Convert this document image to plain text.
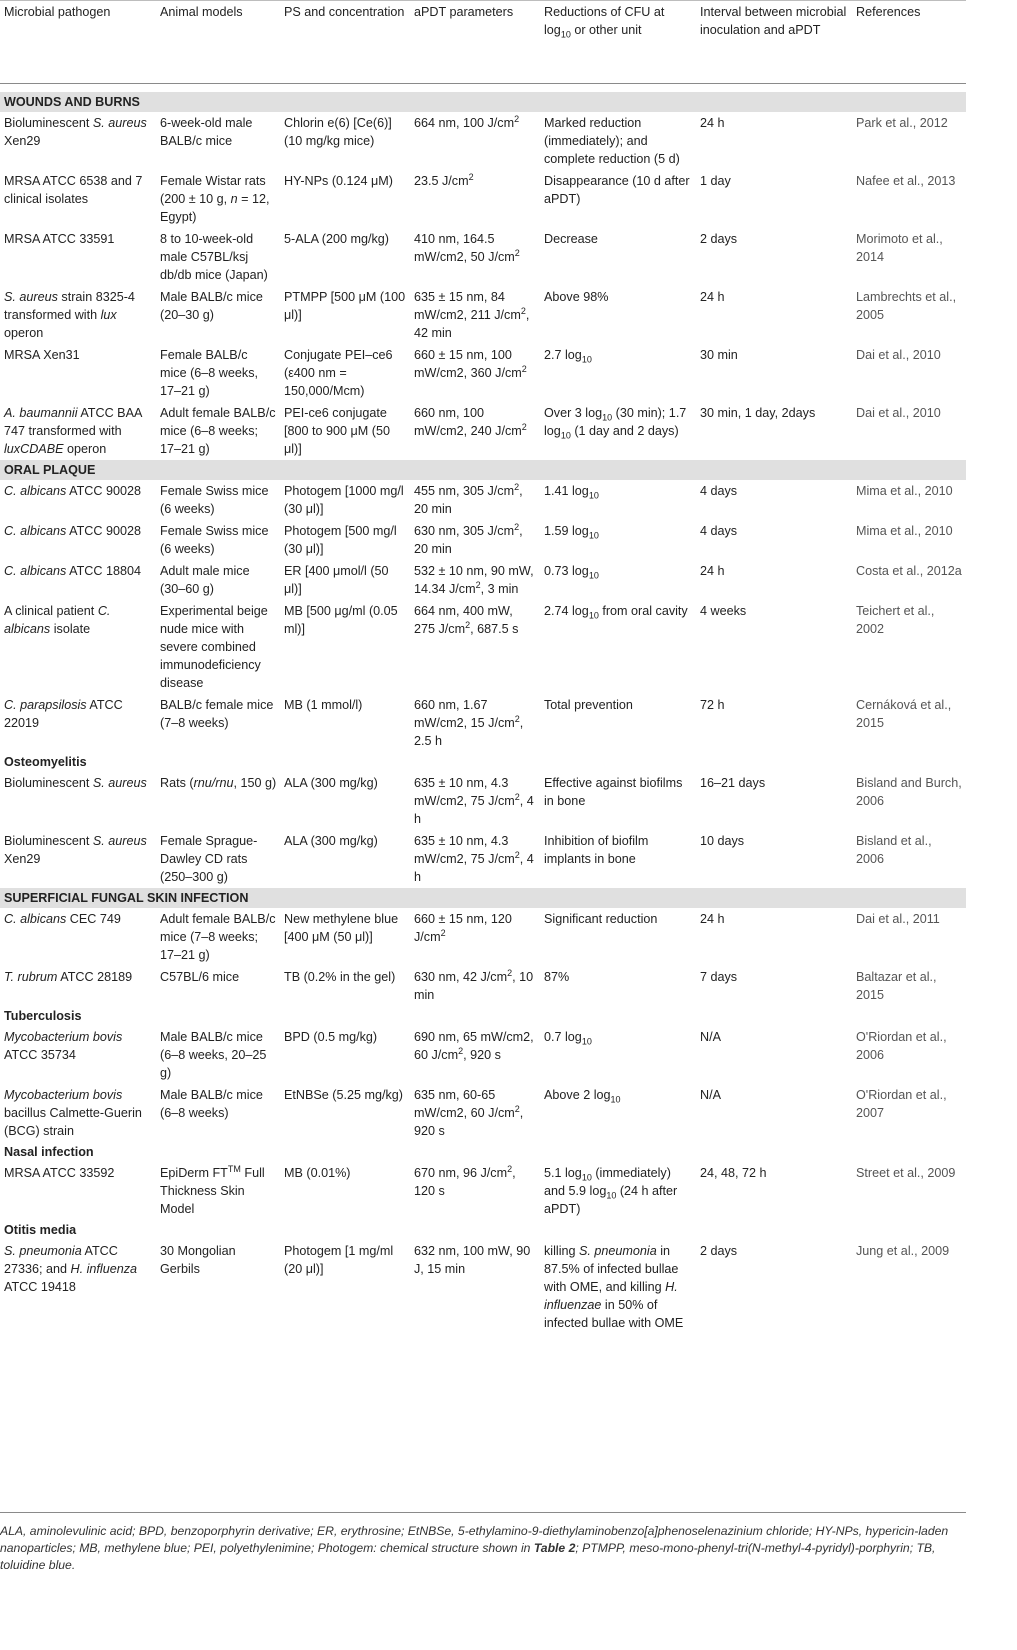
Microbial pathogen	Animal models	PS and concentration	aPDT parameters	Reductions of CFU at $\log_{10}$ or other unit	Interval between microbial inoculation and aPDT	References

WOUNDS AND BURNS						
Bioluminescent S. aureus Xen29	6-week-old male BALB/c mice	Chlorin e(6) [Ce(6)] (10 mg/kg mice)	664 nm, 100 $J/cm^2$	Marked reduction (immediately); and complete reduction (5 d)	24 h	Park et al., 2012
MRSA ATCC 6538 and 7 clinical isolates	Female Wistar rats (200 ± 10 g, n = 12, Egypt)	HY-NPs (0.124 μM)	23.5 $J/cm^2$	Disappearance (10 d after aPDT)	1 day	Nafee et al., 2013
MRSA ATCC 33591	8 to 10-week-old male C57BL/ksj db/db mice (Japan)	5-ALA (200 mg/kg)	410 nm, 164.5 mW/cm2, 50 $J/cm^2$	Decrease	2 days	Morimoto et al., 2014
S. aureus strain 8325-4 transformed with lux operon	Male BALB/c mice (20–30 g)	PTMPP [500 μM (100 μl)]	635 ± 15 nm, 84 mW/cm2, 211 $J/cm^2$, 42 min	Above 98%	24 h	Lambrechts et al., 2005
MRSA Xen31	Female BALB/c mice (6–8 weeks, 17–21 g)	Conjugate PEI–ce6 (ε400 nm = 150,000/Mcm)	660 ± 15 nm, 100 mW/cm2, 360 $J/cm^2$	2.7 $\log_{10}$	30 min	Dai et al., 2010
A. baumannii ATCC BAA 747 transformed with luxCDABE operon	Adult female BALB/c mice (6–8 weeks; 17–21 g)	PEI-ce6 conjugate [800 to 900 μM (50 μl)]	660 nm, 100 mW/cm2, 240 $J/cm^2$	Over 3 $\log_{10} (30$ min); 1.7 $\log_{10} (1$ day and 2 days)	30 min, 1 day, 2days	Dai et al., 2010
ORAL PLAQUE						
C. albicans ATCC 90028	Female Swiss mice (6 weeks)	Photogem [1000 mg/l (30 μl)]	455 nm, 305 $J/cm^2$, 20 min	1.41 $\log_{10}$	4 days	Mima et al., 2010
C. albicans ATCC 90028	Female Swiss mice (6 weeks)	Photogem [500 mg/l (30 μl)]	630 nm, 305 $J/cm^2$, 20 min	1.59 $\log_{10}$	4 days	Mima et al., 2010
C. albicans ATCC 18804	Adult male mice (30–60 g)	ER [400 μmol/l (50 μl)]	532 ± 10 nm, 90 mW, 14.34 $J/cm^2$, 3 min	0.73 $\log_{10}$	24 h	Costa et al., 2012a
A clinical patient C. albicans isolate	Experimental beige nude mice with severe combined immunodeficiency disease	MB [500 μg/ml (0.05 ml)]	664 nm, 400 mW, 275 $J/cm^2$, 687.5 s	2.74 $\log_{10}$ from oral cavity	4 weeks	Teichert et al., 2002
C. parapsilosis ATCC 22019	BALB/c female mice (7–8 weeks)	MB (1 mmol/l)	660 nm, 1.67 mW/cm2, 15 $J/cm^2$, 2.5 h	Total prevention	72 h	Cernáková et al., 2015
Osteomyelitis						
Bioluminescent S. aureus	Rats (rnu/rnu, 150 g)	ALA (300 mg/kg)	635 ± 10 nm, 4.3 mW/cm2, 75 $J/cm^2$, 4 h	Effective against biofilms in bone	16–21 days	Bisland and Burch, 2006
Bioluminescent S. aureus Xen29	Female Sprague-Dawley CD rats (250–300 g)	ALA (300 mg/kg)	635 ± 10 nm, 4.3 mW/cm2, 75 $J/cm^2$, 4 h	Inhibition of biofilm implants in bone	10 days	Bisland et al., 2006
SUPERFICIAL FUNGAL SKIN INFECTION						
C. albicans CEC 749	Adult female BALB/c mice (7–8 weeks; 17–21 g)	New methylene blue [400 μM (50 μl)]	660 ± 15 nm, 120 $J/cm^2$	Significant reduction	24 h	Dai et al., 2011
T. rubrum ATCC 28189	C57BL/6 mice	TB (0.2% in the gel)	630 nm, 42 $J/cm^2$, 10 min	87%	7 days	Baltazar et al., 2015
Tuberculosis						
Mycobacterium bovis ATCC 35734	Male BALB/c mice (6–8 weeks, 20–25 g)	BPD (0.5 mg/kg)	690 nm, 65 mW/cm2, 60 $J/cm^2$, 920 s	0.7 $\log_{10}$	N/A	O'Riordan et al., 2006
Mycobacterium bovis bacillus Calmette-Guerin (BCG) strain	Male BALB/c mice (6–8 weeks)	EtNBSe (5.25 mg/kg)	635 nm, 60-65 mW/cm2, 60 $J/cm^2$, 920 s	Above 2 $\log_{10}$	N/A	O'Riordan et al., 2007
Nasal infection						
MRSA ATCC 33592	EpiDerm FT™ Full Thickness Skin Model	MB (0.01%)	670 nm, 96 $J/cm^2$, 120 s	5.1 $\log_{10}$ (immediately) and 5.9 $\log_{10} (24$ h after aPDT)	24, 48, 72 h	Street et al., 2009
Otitis media						
S. pneumonia ATCC 27336; and H. influenza ATCC 19418	30 Mongolian Gerbils	Photogem [1 mg/ml (20 μl)]	632 nm, 100 mW, 90 J, 15 min	killing S. pneumonia in 87.5% of infected bullae with OME, and killing H. influenzae in 50% of infected bullae with OME	2 days	Jung et al., 2009
ALA, aminolevulinic acid; BPD, benzoporphyrin derivative; ER, erythrosine; EtNBSe, 5-ethylamino-9-diethylaminobenzo[a]phenoselenazinium chloride; HY-NPs, hypericin-laden nanoparticles; MB, methylene blue; PEI, polyethylenimine; Photogem: chemical structure shown in Table 2; PTMPP, meso-mono-phenyl-tri(N-methyl-4-pyridyl)-porphyrin; TB, toluidine blue.
